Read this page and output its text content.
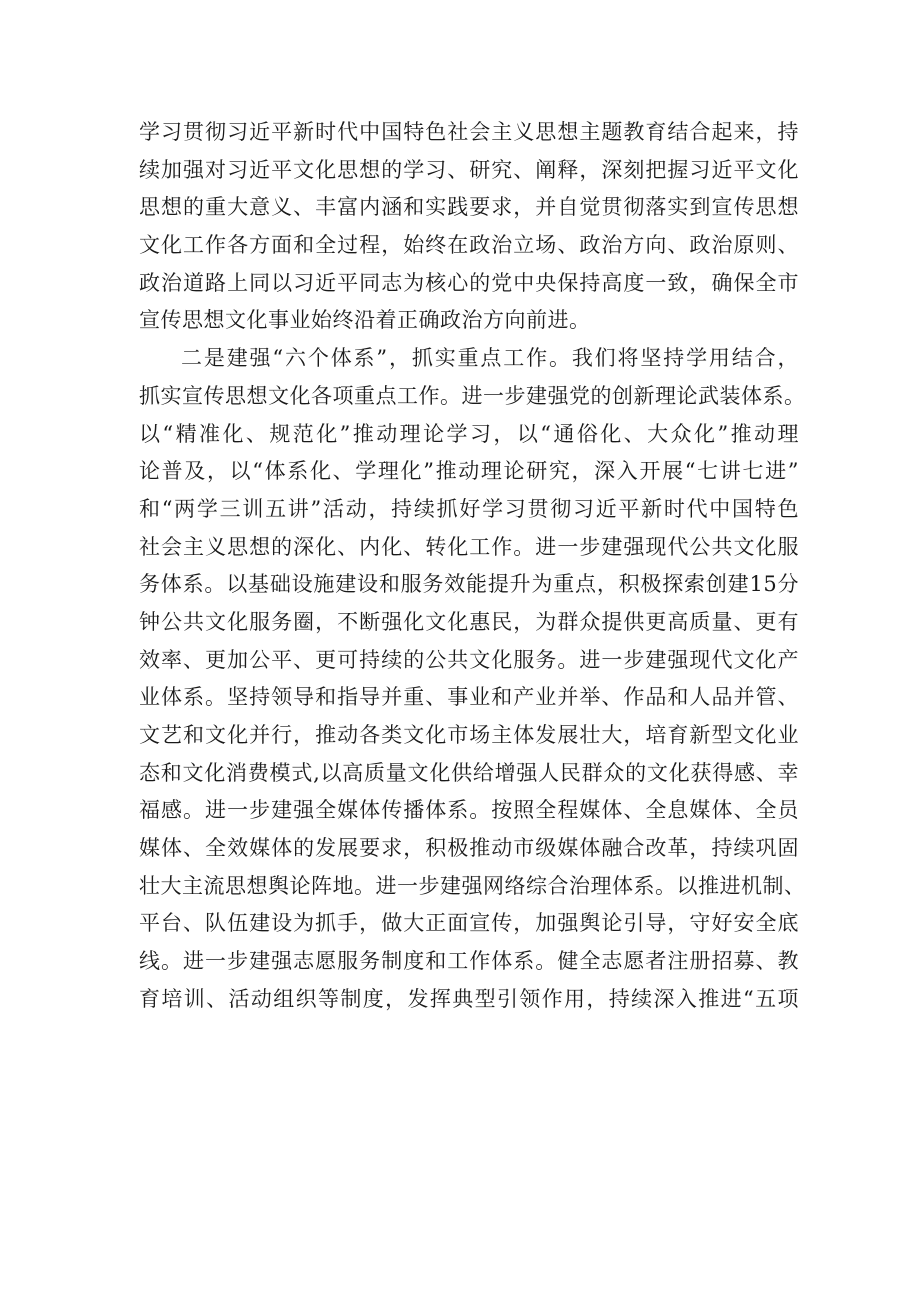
学习贯彻习近平新时代中国特色社会主义思想主题教育结合起来，持
续加强对习近平文化思想的学习、研究、阐释，深刻把握习近平文化
思想的重大意义、丰富内涵和实践要求，并自觉贯彻落实到宣传思想
文化工作各方面和全过程，始终在政治立场、政治方向、政治原则、
政治道路上同以习近平同志为核心的党中央保持高度一致，确保全市
宣传思想文化事业始终沿着正确政治方向前进。
二是建强“六个体系”，抓实重点工作。我们将坚持学用结合，
抓实宣传思想文化各项重点工作。进一步建强党的创新理论武装体系。
以“精准化、规范化”推动理论学习，以“通俗化、大众化”推动理
论普及，以“体系化、学理化”推动理论研究，深入开展“七讲七进”
和“两学三训五讲”活动，持续抓好学习贯彻习近平新时代中国特色
社会主义思想的深化、内化、转化工作。进一步建强现代公共文化服
务体系。以基础设施建设和服务效能提升为重点，积极探索创建15分
钟公共文化服务圈，不断强化文化惠民，为群众提供更高质量、更有
效率、更加公平、更可持续的公共文化服务。进一步建强现代文化产
业体系。坚持领导和指导并重、事业和产业并举、作品和人品并管、
文艺和文化并行，推动各类文化市场主体发展壮大，培育新型文化业
态和文化消费模式,以高质量文化供给增强人民群众的文化获得感、幸
福感。进一步建强全媒体传播体系。按照全程媒体、全息媒体、全员
媒体、全效媒体的发展要求，积极推动市级媒体融合改革，持续巩固
壮大主流思想舆论阵地。进一步建强网络综合治理体系。以推进机制、
平台、队伍建设为抓手，做大正面宣传，加强舆论引导，守好安全底
线。进一步建强志愿服务制度和工作体系。健全志愿者注册招募、教
育培训、活动组织等制度，发挥典型引领作用，持续深入推进“五项
